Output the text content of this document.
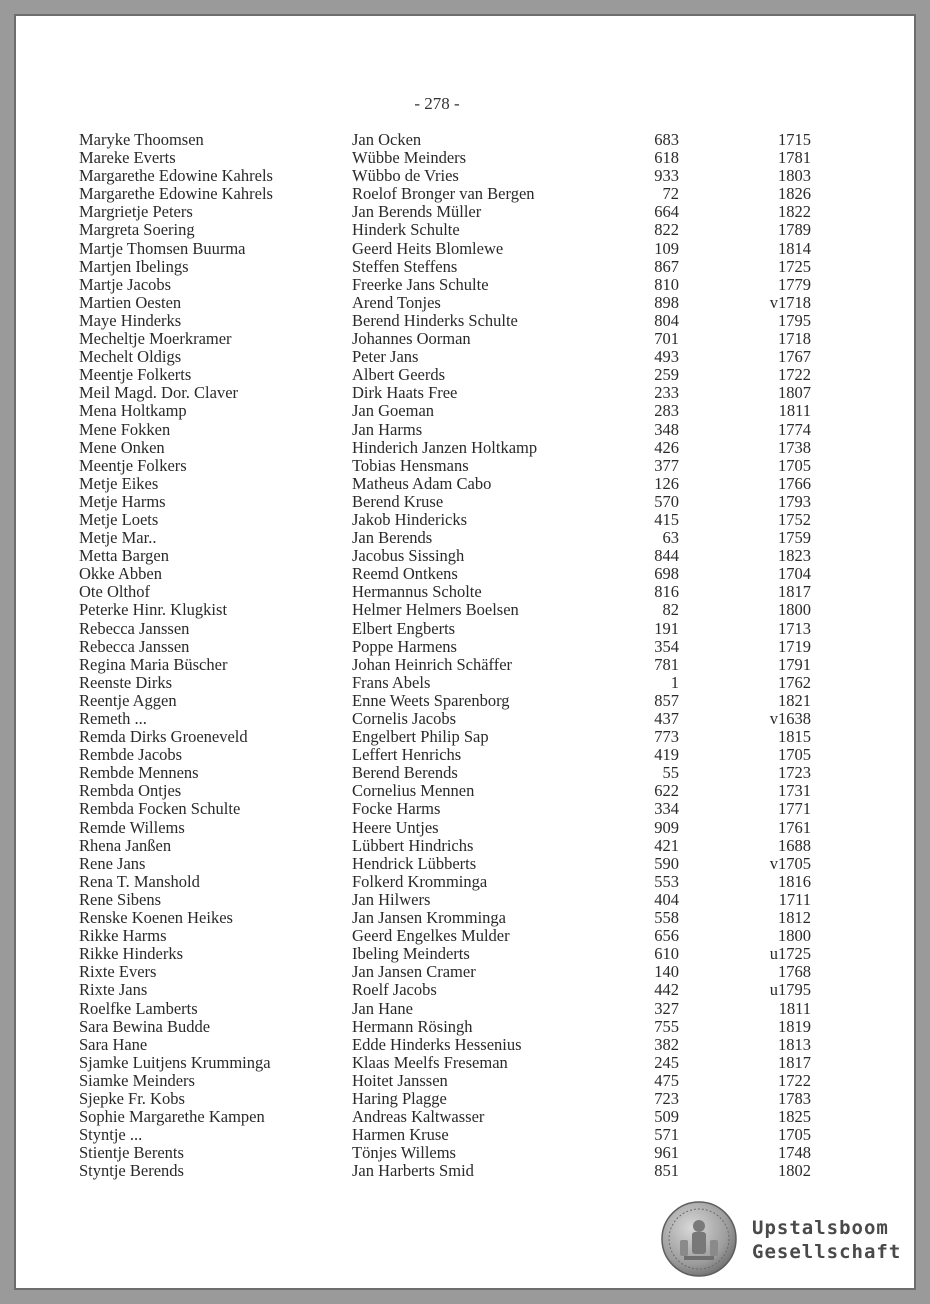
- 278 -
Maryke Thoomsen	Jan Ocken	683	1715
Mareke Everts	Wübbe Meinders	618	1781
Margarethe Edowine Kahrels	Wübbo de Vries	933	1803
Margarethe Edowine Kahrels	Roelof Bronger van Bergen	72	1826
Margrietje Peters	Jan Berends Müller	664	1822
Margreta Soering	Hinderk Schulte	822	1789
Martje Thomsen Buurma	Geerd Heits Blomlewe	109	1814
Martjen Ibelings	Steffen Steffens	867	1725
Martje Jacobs	Freerke Jans Schulte	810	1779
Martien Oesten	Arend Tonjes	898	v1718
Maye Hinderks	Berend Hinderks Schulte	804	1795
Mecheltje Moerkramer	Johannes Oorman	701	1718
Mechelt Oldigs	Peter Jans	493	1767
Meentje Folkerts	Albert Geerds	259	1722
Meil Magd. Dor. Claver	Dirk Haats Free	233	1807
Mena Holtkamp	Jan Goeman	283	1811
Mene Fokken	Jan Harms	348	1774
Mene Onken	Hinderich Janzen Holtkamp	426	1738
Meentje Folkers	Tobias Hensmans	377	1705
Metje Eikes	Matheus Adam Cabo	126	1766
Metje Harms	Berend Kruse	570	1793
Metje Loets	Jakob Hindericks	415	1752
Metje Mar..	Jan Berends	63	1759
Metta Bargen	Jacobus Sissingh	844	1823
Okke Abben	Reemd Ontkens	698	1704
Ote Olthof	Hermannus Scholte	816	1817
Peterke Hinr. Klugkist	Helmer Helmers Boelsen	82	1800
Rebecca Janssen	Elbert Engberts	191	1713
Rebecca Janssen	Poppe Harmens	354	1719
Regina Maria Büscher	Johan Heinrich Schäffer	781	1791
Reenste Dirks	Frans Abels	1	1762
Reentje Aggen	Enne Weets Sparenborg	857	1821
Remeth ...	Cornelis Jacobs	437	v1638
Remda Dirks Groeneveld	Engelbert Philip Sap	773	1815
Rembde Jacobs	Leffert Henrichs	419	1705
Rembde Mennens	Berend Berends	55	1723
Rembda Ontjes	Cornelius Mennen	622	1731
Rembda Focken Schulte	Focke Harms	334	1771
Remde Willems	Heere Untjes	909	1761
Rhena Janßen	Lübbert Hindrichs	421	1688
Rene Jans	Hendrick Lübberts	590	v1705
Rena T. Manshold	Folkerd Kromminga	553	1816
Rene Sibens	Jan Hilwers	404	1711
Renske Koenen Heikes	Jan Jansen Kromminga	558	1812
Rikke Harms	Geerd Engelkes Mulder	656	1800
Rikke Hinderks	Ibeling Meinderts	610	u1725
Rixte Evers	Jan Jansen Cramer	140	1768
Rixte Jans	Roelf Jacobs	442	u1795
Roelfke Lamberts	Jan Hane	327	1811
Sara Bewina Budde	Hermann Rösingh	755	1819
Sara Hane	Edde Hinderks Hessenius	382	1813
Sjamke Luitjens Krumminga	Klaas Meelfs Freseman	245	1817
Siamke Meinders	Hoitet Janssen	475	1722
Sjepke Fr. Kobs	Haring Plagge	723	1783
Sophie Margarethe Kampen	Andreas Kaltwasser	509	1825
Styntje ...	Harmen Kruse	571	1705
Stientje Berents	Tönjes Willems	961	1748
Styntje Berends	Jan Harberts Smid	851	1802
Upstalsboom
Gesellschaft
